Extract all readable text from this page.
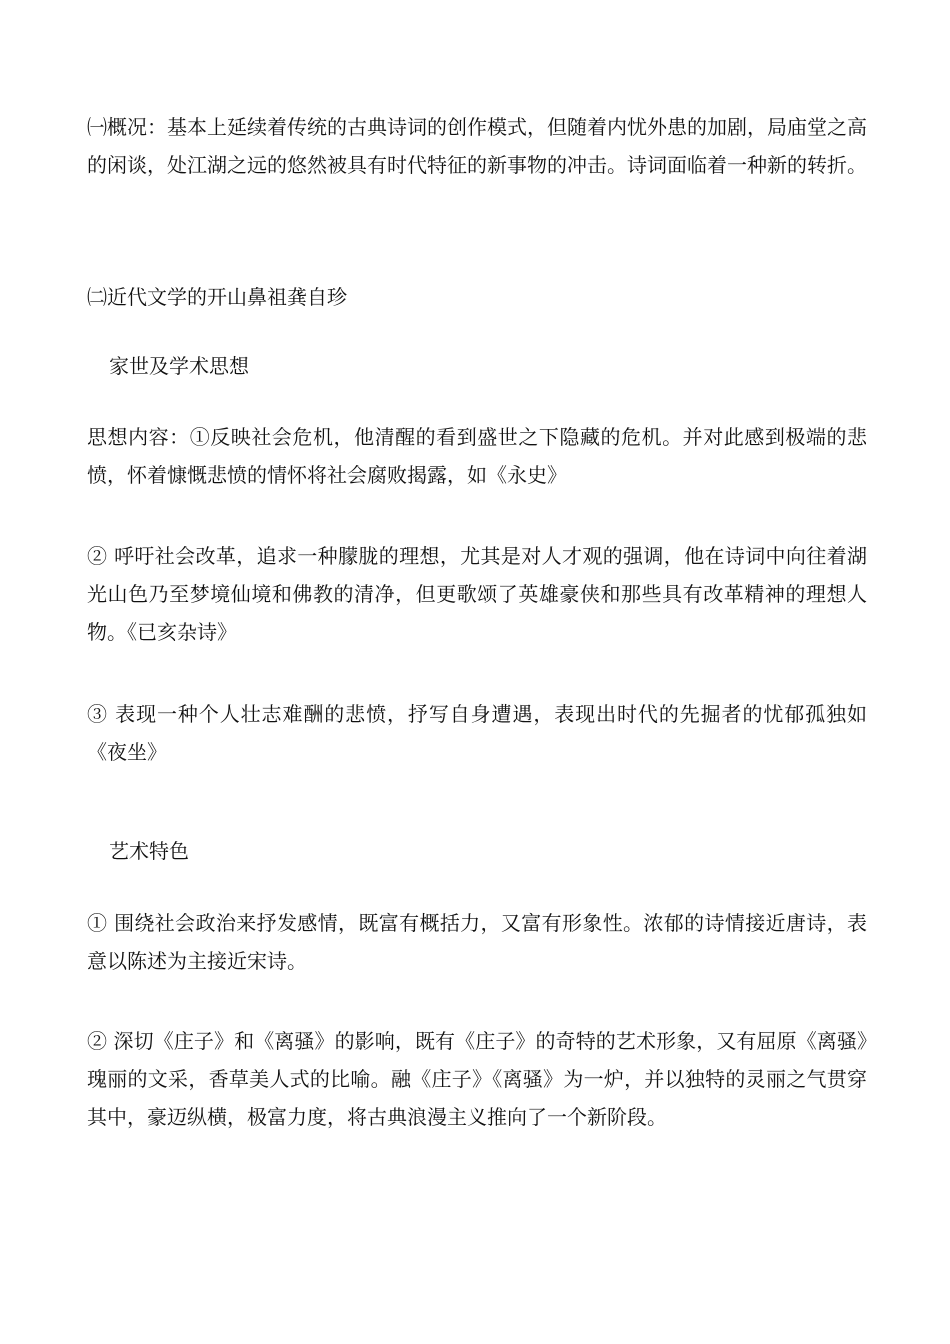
㈠概况：基本上延续着传统的古典诗词的创作模式，但随着内忧外患的加剧，局庙堂之高的闲谈，处江湖之远的悠然被具有时代特征的新事物的冲击。诗词面临着一种新的转折。

㈡近代文学的开山鼻祖龚自珍

家世及学术思想

思想内容：①反映社会危机，他清醒的看到盛世之下隐藏的危机。并对此感到极端的悲愤，怀着慷慨悲愤的情怀将社会腐败揭露，如《永史》

② 呼吁社会改革，追求一种朦胧的理想，尤其是对人才观的强调，他在诗词中向往着湖光山色乃至梦境仙境和佛教的清净，但更歌颂了英雄豪侠和那些具有改革精神的理想人物。《已亥杂诗》

③ 表现一种个人壮志难酬的悲愤，抒写自身遭遇，表现出时代的先掘者的忧郁孤独如《夜坐》

艺术特色

① 围绕社会政治来抒发感情，既富有概括力，又富有形象性。浓郁的诗情接近唐诗，表意以陈述为主接近宋诗。

② 深切《庄子》和《离骚》的影响，既有《庄子》的奇特的艺术形象，又有屈原《离骚》瑰丽的文采，香草美人式的比喻。融《庄子》《离骚》为一炉，并以独特的灵丽之气贯穿其中，豪迈纵横，极富力度，将古典浪漫主义推向了一个新阶段。
